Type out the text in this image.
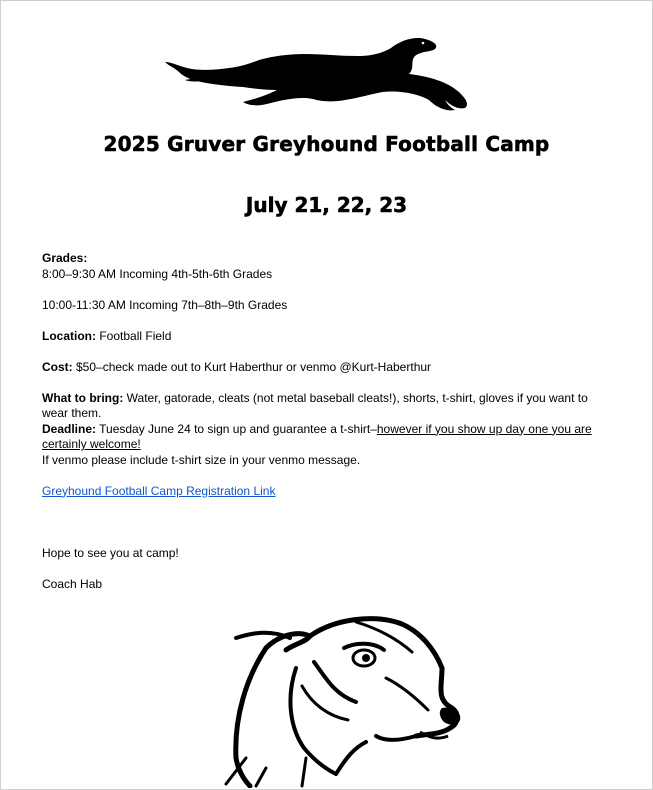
2025 Gruver Greyhound Football Camp
July 21, 22, 23

Grades:

8:00–9:30 AM Incoming 4th-5th-6th Grades

10:00-11:30 AM Incoming 7th–8th–9th Grades

Location: Football Field

Cost: $50–check made out to Kurt Haberthur or venmo @Kurt-Haberthur

What to bring: Water, gatorade, cleats (not metal baseball cleats!), shorts, t-shirt, gloves if you want to wear them.

Deadline: Tuesday June 24 to sign up and guarantee a t-shirt–however if you show up day one you are certainly welcome!

If venmo please include t-shirt size in your venmo message.

Greyhound Football Camp Registration Link

Hope to see you at camp!

Coach Hab
